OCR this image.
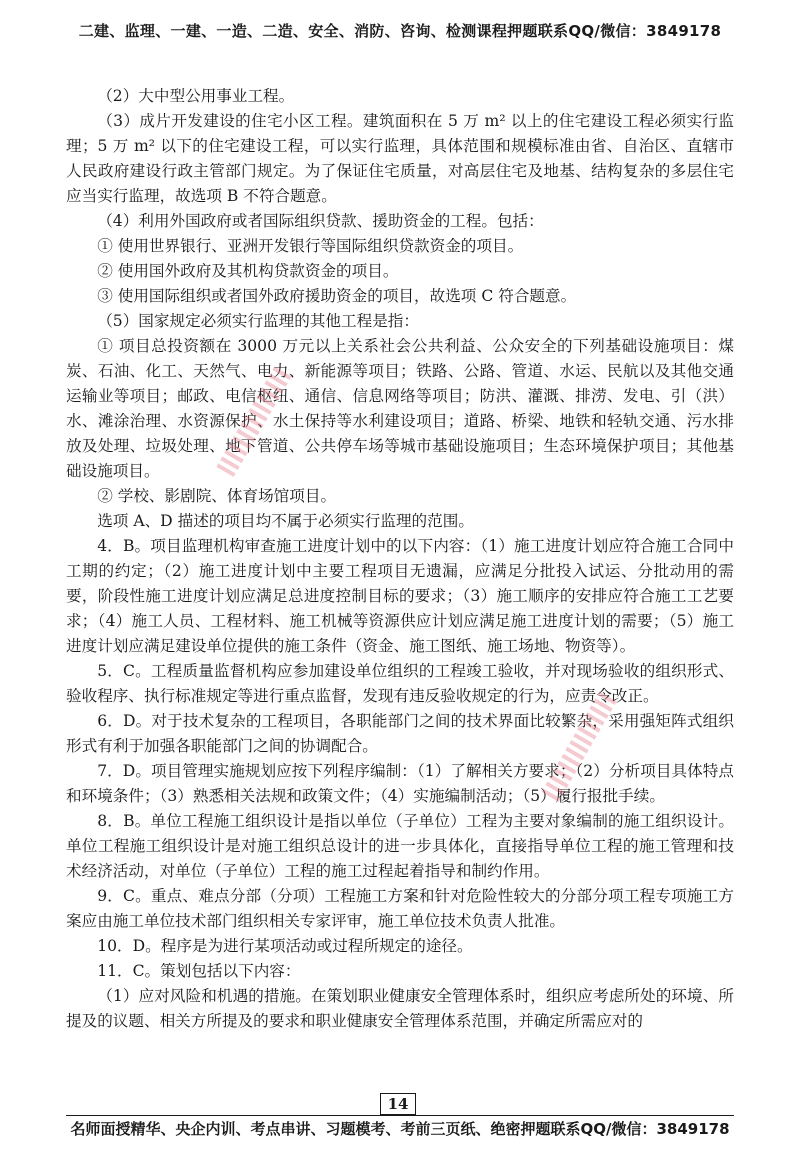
二建、监理、一建、一造、二造、安全、消防、咨询、检测课程押题联系QQ/微信：3849178

（2）大中型公用事业工程。

（3）成片开发建设的住宅小区工程。建筑面积在 5 万 m² 以上的住宅建设工程必须实行监理；5 万 m² 以下的住宅建设工程，可以实行监理，具体范围和规模标准由省、自治区、直辖市人民政府建设行政主管部门规定。为了保证住宅质量，对高层住宅及地基、结构复杂的多层住宅应当实行监理，故选项 B 不符合题意。

（4）利用外国政府或者国际组织贷款、援助资金的工程。包括：

① 使用世界银行、亚洲开发银行等国际组织贷款资金的项目。

② 使用国外政府及其机构贷款资金的项目。

③ 使用国际组织或者国外政府援助资金的项目，故选项 C 符合题意。

（5）国家规定必须实行监理的其他工程是指：

① 项目总投资额在 3000 万元以上关系社会公共利益、公众安全的下列基础设施项目：煤炭、石油、化工、天然气、电力、新能源等项目；铁路、公路、管道、水运、民航以及其他交通运输业等项目；邮政、电信枢纽、通信、信息网络等项目；防洪、灌溉、排涝、发电、引（洪）水、滩涂治理、水资源保护、水土保持等水利建设项目；道路、桥梁、地铁和轻轨交通、污水排放及处理、垃圾处理、地下管道、公共停车场等城市基础设施项目；生态环境保护项目；其他基础设施项目。

② 学校、影剧院、体育场馆项目。

选项 A、D 描述的项目均不属于必须实行监理的范围。

4．B。项目监理机构审查施工进度计划中的以下内容：（1）施工进度计划应符合施工合同中工期的约定；（2）施工进度计划中主要工程项目无遗漏，应满足分批投入试运、分批动用的需要，阶段性施工进度计划应满足总进度控制目标的要求；（3）施工顺序的安排应符合施工工艺要求；（4）施工人员、工程材料、施工机械等资源供应计划应满足施工进度计划的需要；（5）施工进度计划应满足建设单位提供的施工条件（资金、施工图纸、施工场地、物资等）。

5．C。工程质量监督机构应参加建设单位组织的工程竣工验收，并对现场验收的组织形式、验收程序、执行标准规定等进行重点监督，发现有违反验收规定的行为，应责令改正。

6．D。对于技术复杂的工程项目，各职能部门之间的技术界面比较繁杂，采用强矩阵式组织形式有利于加强各职能部门之间的协调配合。

7．D。项目管理实施规划应按下列程序编制：（1）了解相关方要求；（2）分析项目具体特点和环境条件；（3）熟悉相关法规和政策文件；（4）实施编制活动；（5）履行报批手续。

8．B。单位工程施工组织设计是指以单位（子单位）工程为主要对象编制的施工组织设计。单位工程施工组织设计是对施工组织总设计的进一步具体化，直接指导单位工程的施工管理和技术经济活动，对单位（子单位）工程的施工过程起着指导和制约作用。

9．C。重点、难点分部（分项）工程施工方案和针对危险性较大的分部分项工程专项施工方案应由施工单位技术部门组织相关专家评审，施工单位技术负责人批准。

10．D。程序是为进行某项活动或过程所规定的途径。

11．C。策划包括以下内容：

（1）应对风险和机遇的措施。在策划职业健康安全管理体系时，组织应考虑所处的环境、所提及的议题、相关方所提及的要求和职业健康安全管理体系范围，并确定所需应对的

14
名师面授精华、央企内训、考点串讲、习题模考、考前三页纸、绝密押题联系QQ/微信：3849178
